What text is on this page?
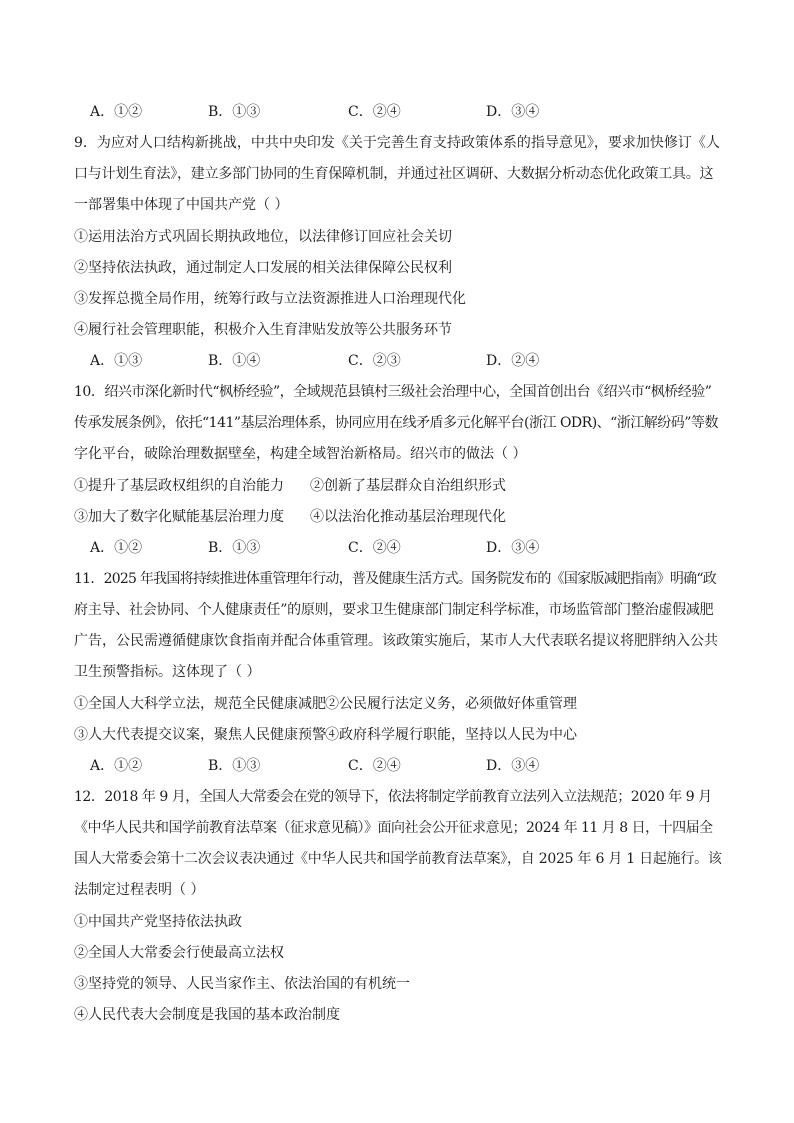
A．①②	B．①③	C．②④	D．③④
9．为应对人口结构新挑战，中共中央印发《关于完善生育支持政策体系的指导意见》，要求加快修订《人
口与计划生育法》，建立多部门协同的生育保障机制，并通过社区调研、大数据分析动态优化政策工具。这
一部署集中体现了中国共产党（ ）
①运用法治方式巩固长期执政地位，以法律修订回应社会关切
②坚持依法执政，通过制定人口发展的相关法律保障公民权利
③发挥总揽全局作用，统筹行政与立法资源推进人口治理现代化
④履行社会管理职能，积极介入生育津贴发放等公共服务环节
A．①③	B．①④	C．②③	D．②④
10．绍兴市深化新时代“枫桥经验”，全域规范县镇村三级社会治理中心，全国首创出台《绍兴市“枫桥经验”
传承发展条例》，依托“141”基层治理体系，协同应用在线矛盾多元化解平台(浙江 ODR)、“浙江解纷码”等数
字化平台，破除治理数据壁垒，构建全域智治新格局。绍兴市的做法（ ）
①提升了基层政权组织的自治能力 ②创新了基层群众自治组织形式
③加大了数字化赋能基层治理力度 ④以法治化推动基层治理现代化
A．①②	B．①③	C．②④	D．③④
11．2025 年我国将持续推进体重管理年行动，普及健康生活方式。国务院发布的《国家版减肥指南》明确“政
府主导、社会协同、个人健康责任”的原则，要求卫生健康部门制定科学标准，市场监管部门整治虚假减肥
广告，公民需遵循健康饮食指南并配合体重管理。该政策实施后，某市人大代表联名提议将肥胖纳入公共
卫生预警指标。这体现了（ ）
①全国人大科学立法，规范全民健康减肥 ②公民履行法定义务，必须做好体重管理
③人大代表提交议案，聚焦人民健康预警 ④政府科学履行职能，坚持以人民为中心
A．①②	B．①③	C．②④	D．③④
12．2018 年 9 月，全国人大常委会在党的领导下，依法将制定学前教育立法列入立法规范；2020 年 9 月
《中华人民共和国学前教育法草案（征求意见稿）》面向社会公开征求意见；2024 年 11 月 8 日，十四届全
国人大常委会第十二次会议表决通过《中华人民共和国学前教育法草案》，自 2025 年 6 月 1 日起施行。该
法制定过程表明（ ）
①中国共产党坚持依法执政
②全国人大常委会行使最高立法权
③坚持党的领导、人民当家作主、依法治国的有机统一
④人民代表大会制度是我国的基本政治制度
